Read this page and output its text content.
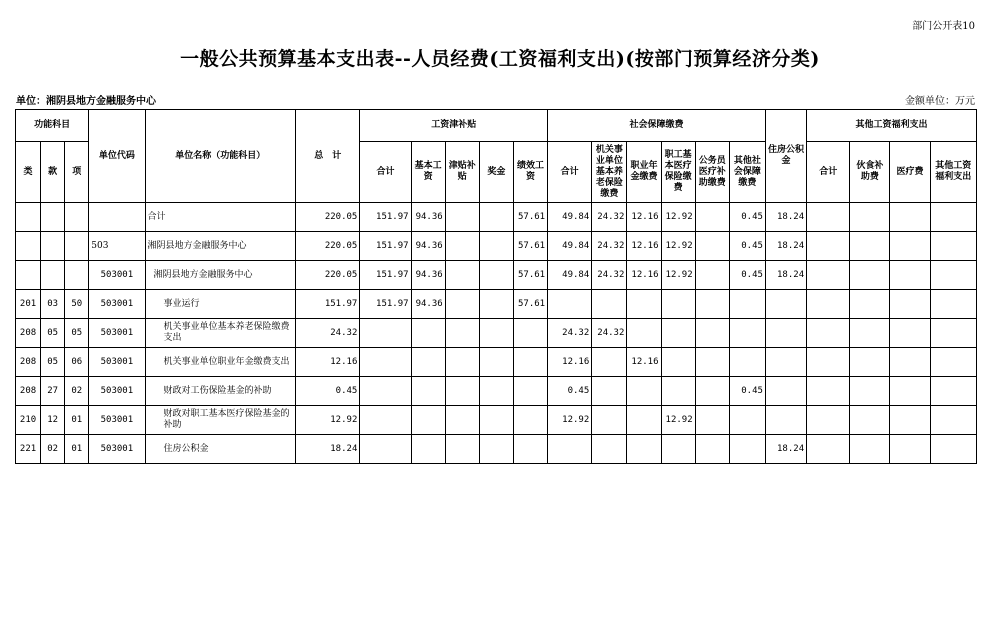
部门公开表10
一般公共预算基本支出表--人员经费(工资福利支出)(按部门预算经济分类)
单位：湘阴县地方金融服务中心	金额单位：万元
功能科目			单位代码	单位名称（功能科目）	总　计	工资津补贴					社会保障缴费						住房公积金	其他工资福利支出			
类	款	项				合计	基本工资	津贴补贴	奖金	绩效工资	合计	机关事业单位基本养老保险缴费	职业年金缴费	职工基本医疗保险缴费	公务员医疗补助缴费	其他社会保障缴费		合计	伙食补助费	医疗费	其他工资福利支出
				合计	220.05	151.97	94.36			57.61	49.84	24.32	12.16	12.92		0.45	18.24				
			503	湘阴县地方金融服务中心	220.05	151.97	94.36			57.61	49.84	24.32	12.16	12.92		0.45	18.24				
			503001	湘阴县地方金融服务中心	220.05	151.97	94.36			57.61	49.84	24.32	12.16	12.92		0.45	18.24				
201	03	50	503001	事业运行	151.97	151.97	94.36			57.61											
208	05	05	503001	机关事业单位基本养老保险缴费支出	24.32						24.32	24.32									
208	05	06	503001	机关事业单位职业年金缴费支出	12.16						12.16		12.16								
208	27	02	503001	财政对工伤保险基金的补助	0.45						0.45					0.45					
210	12	01	503001	财政对职工基本医疗保险基金的补助	12.92						12.92			12.92							
221	02	01	503001	住房公积金	18.24												18.24				
